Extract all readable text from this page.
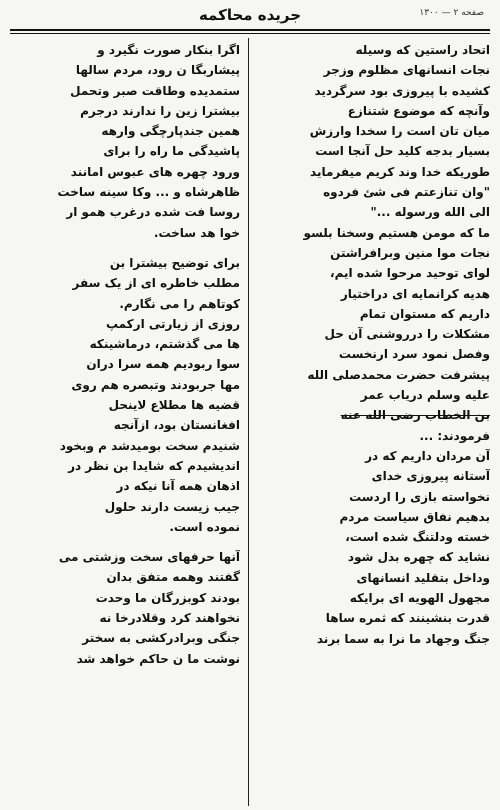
جریده محاکمه	صفحه ۲ — ۱۳۰۰
اتحاد راستین که وسیله
نجات انسانهای مظلوم وزجر
کشیده با پیروزی بود سرگردید
وآنچه که موضوع شتنازع
میان تان است را سخدا وارزش
بسیار بدجه کلید حل آنجا است
طوریکه خدا وند کریم میفرماید
"وان تنازعتم فی شئ فردوه
الی الله ورسوله ..."
ما که مومن هستیم وسخنا بلسو
نجات موا منین وبرافراشتن
لوای توحید مرحوا شده ایم،
هدیه کرانمایه ای دراختیار
داریم که مستوان تمام
مشکلات را درروشنی آن حل
وفصل نمود سرد ارنخست
پیشرفت حضرت محمدصلی الله
علیه وسلم دریاب عمر
بن الخطاب رضی الله عنه
فرمودند: ...
آن مردان داریم که در
آستانه پیروزی خدای
نخواسته بازی را اردست
بدهیم نفاق سیاست مردم
خسته ودلتنگ شده است،
نشاید که چهره بدل شود
وداخل بتقلید انسانهای
مجهول الهویه ای برایکه
قدرت بنشینند که ثمره ساها
جنگ وجهاد ما نرا به سما برند
اگرا بنکار صورت نگیرد و
پیشاربگا ن رود، مردم سالها
ستمدیده وطاقت صبر وتحمل
بیشترا زین را ندارند درجرم
همین جندپارچگی وارهه
پاشیدگی ما راه را برای
ورود چهره های عبوس امانند
ظاهرشاه و ... وکا سینه ساخت
روسا فت شده درغرب همو ار
خوا هد ساخت.
برای توضیح بیشترا بن
مطلب خاطره ای از یک سفر
کوتاهم را می نگارم.
روزی از زیارتی ارکمپ
ها می گذشتم، درماشینکه
سوا ربودیم همه سرا دران
مها جربودند وتبصره هم روی
قضیه ها مطلاع لاینحل
افغانستان بود، ازآنجه
شنیدم سخت بومیدشد م وبخود
اندیشیدم که شایدا بن نظر در
اذهان همه آنا نیکه در
جیب زیست دارند حلول
نموده است.
آنها حرفهای سخت وزشتی می
گفتند وهمه متفق بدان
بودند کوبزرگان ما وحدت
نخواهند کرد وقلادرخا نه
جنگی وبرادرکشی به سختر
نوشت ما ن حاکم خواهد شد
